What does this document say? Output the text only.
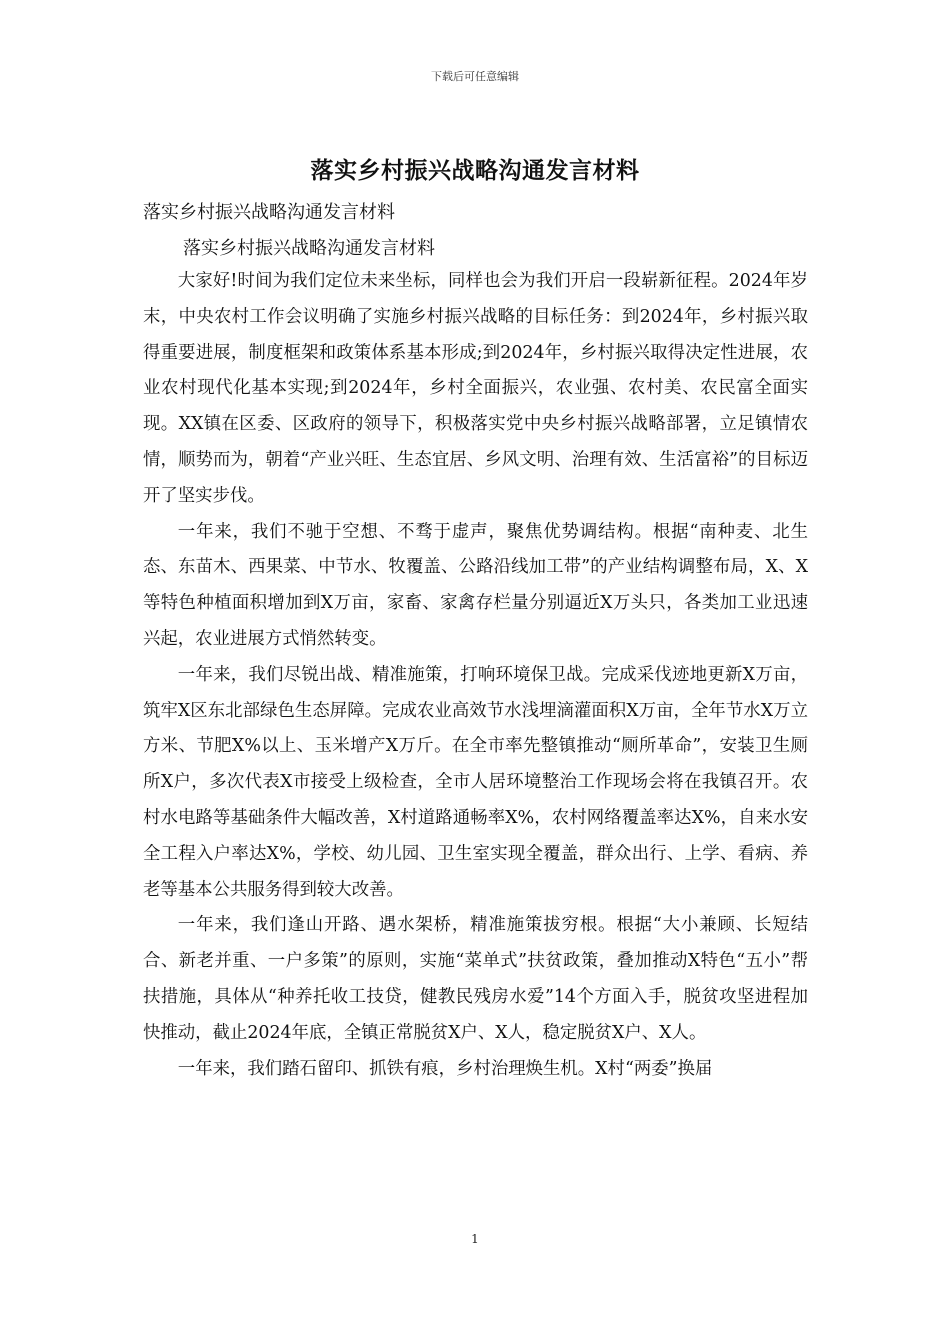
下载后可任意编辑
落实乡村振兴战略沟通发言材料
落实乡村振兴战略沟通发言材料
落实乡村振兴战略沟通发言材料

大家好!时间为我们定位未来坐标，同样也会为我们开启一段崭新征程。2024年岁末，中央农村工作会议明确了实施乡村振兴战略的目标任务：到2024年，乡村振兴取得重要进展，制度框架和政策体系基本形成;到2024年，乡村振兴取得决定性进展，农业农村现代化基本实现;到2024年，乡村全面振兴，农业强、农村美、农民富全面实现。XX镇在区委、区政府的领导下，积极落实党中央乡村振兴战略部署，立足镇情农情，顺势而为，朝着“产业兴旺、生态宜居、乡风文明、治理有效、生活富裕”的目标迈开了坚实步伐。

一年来，我们不驰于空想、不骛于虚声，聚焦优势调结构。根据“南种麦、北生态、东苗木、西果菜、中节水、牧覆盖、公路沿线加工带”的产业结构调整布局，X、X等特色种植面积增加到X万亩，家畜、家禽存栏量分别逼近X万头只，各类加工业迅速兴起，农业进展方式悄然转变。

一年来，我们尽锐出战、精准施策，打响环境保卫战。完成采伐迹地更新X万亩，筑牢X区东北部绿色生态屏障。完成农业高效节水浅埋滴灌面积X万亩，全年节水X万立方米、节肥X%以上、玉米增产X万斤。在全市率先整镇推动“厕所革命”，安装卫生厕所X户，多次代表X市接受上级检查，全市人居环境整治工作现场会将在我镇召开。农村水电路等基础条件大幅改善，X村道路通畅率X%，农村网络覆盖率达X%，自来水安全工程入户率达X%，学校、幼儿园、卫生室实现全覆盖，群众出行、上学、看病、养老等基本公共服务得到较大改善。

一年来，我们逢山开路、遇水架桥，精准施策拔穷根。根据“大小兼顾、长短结合、新老并重、一户多策”的原则，实施“菜单式”扶贫政策，叠加推动X特色“五小”帮扶措施，具体从“种养托收工技贷，健教民残房水爱”14个方面入手，脱贫攻坚进程加快推动，截止2024年底，全镇正常脱贫X户、X人，稳定脱贫X户、X人。

一年来，我们踏石留印、抓铁有痕，乡村治理焕生机。X村“两委”换届

1
